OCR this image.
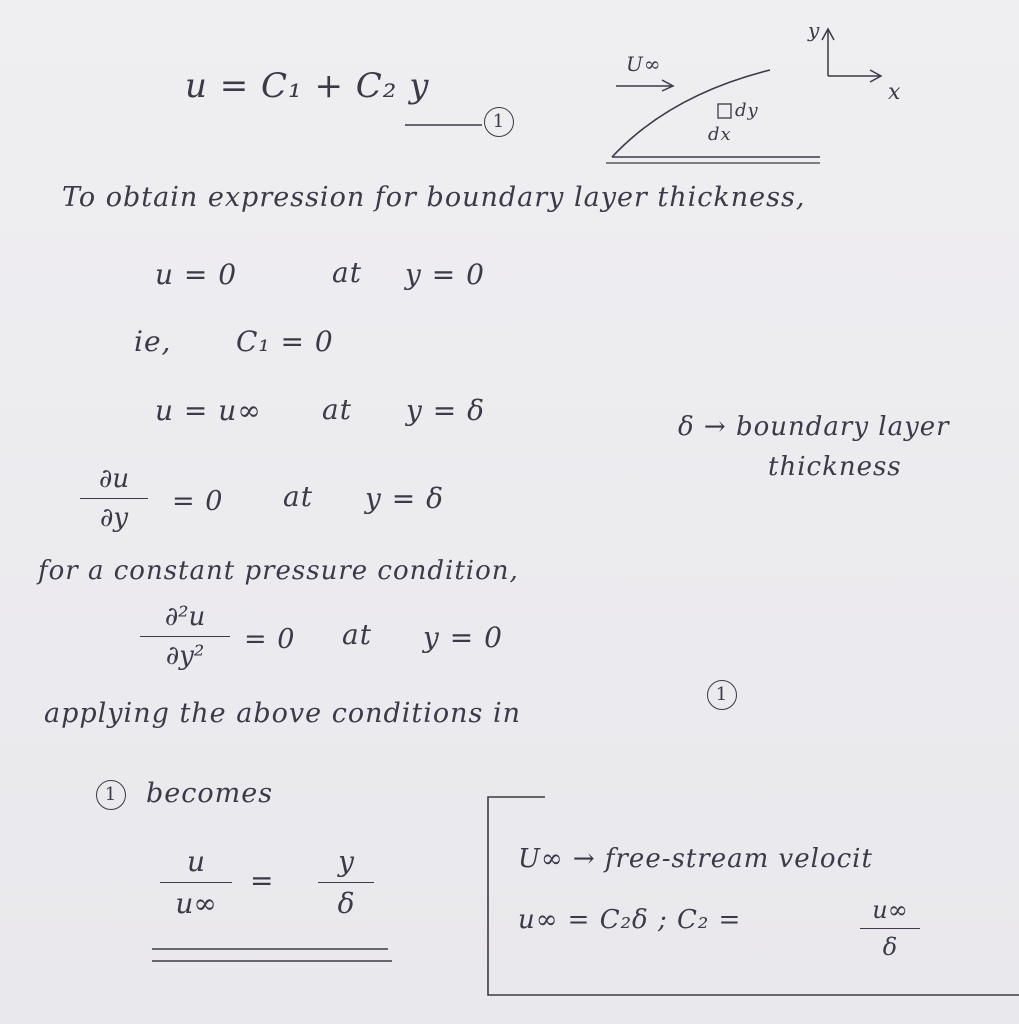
u = C₁ + C₂ y
1
U∞
dy
dx
y
x
To obtain expression for boundary layer thickness,
u = 0	at y = 0
ie, C₁ = 0
u = u∞ at y = δ	δ → boundary layer
thickness
∂u
∂y
= 0 at y = δ
for a constant pressure condition,
∂²u
∂y²
= 0 at y = 0
applying the above conditions in
1
1	becomes
u
u∞
=
y
δ
U∞ → free-stream velocit
u∞ = C₂δ ; C₂ =	u∞
δ
